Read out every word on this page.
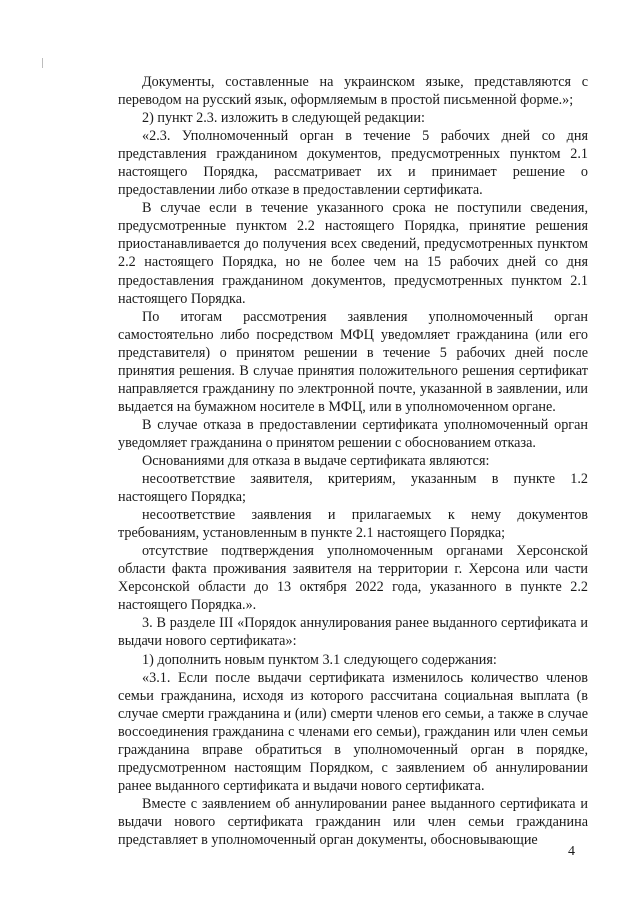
Документы, составленные на украинском языке, представляются с переводом на русский язык, оформляемым в простой письменной форме.»;

2) пункт 2.3. изложить в следующей редакции:

«2.3. Уполномоченный орган в течение 5 рабочих дней со дня представления гражданином документов, предусмотренных пунктом 2.1 настоящего Порядка, рассматривает их и принимает решение о предоставлении либо отказе в предоставлении сертификата.

В случае если в течение указанного срока не поступили сведения, предусмотренные пунктом 2.2 настоящего Порядка, принятие решения приостанавливается до получения всех сведений, предусмотренных пунктом 2.2 настоящего Порядка, но не более чем на 15 рабочих дней со дня предоставления гражданином документов, предусмотренных пунктом 2.1 настоящего Порядка.

По итогам рассмотрения заявления уполномоченный орган самостоятельно либо посредством МФЦ уведомляет гражданина (или его представителя) о принятом решении в течение 5 рабочих дней после принятия решения. В случае принятия положительного решения сертификат направляется гражданину по электронной почте, указанной в заявлении, или выдается на бумажном носителе в МФЦ, или в уполномоченном органе.

В случае отказа в предоставлении сертификата уполномоченный орган уведомляет гражданина о принятом решении с обоснованием отказа.

Основаниями для отказа в выдаче сертификата являются:

несоответствие заявителя, критериям, указанным в пункте 1.2 настоящего Порядка;

несоответствие заявления и прилагаемых к нему документов требованиям, установленным в пункте 2.1 настоящего Порядка;

отсутствие подтверждения уполномоченным органами Херсонской области факта проживания заявителя на территории г. Херсона или части Херсонской области до 13 октября 2022 года, указанного в пункте 2.2 настоящего Порядка.».

3. В разделе III «Порядок аннулирования ранее выданного сертификата и выдачи нового сертификата»:

1) дополнить новым пунктом 3.1 следующего содержания:

«3.1. Если после выдачи сертификата изменилось количество членов семьи гражданина, исходя из которого рассчитана социальная выплата (в случае смерти гражданина и (или) смерти членов его семьи, а также в случае воссоединения гражданина с членами его семьи), гражданин или член семьи гражданина вправе обратиться в уполномоченный орган в порядке, предусмотренном настоящим Порядком, с заявлением об аннулировании ранее выданного сертификата и выдачи нового сертификата.

Вместе с заявлением об аннулировании ранее выданного сертификата и выдачи нового сертификата гражданин или член семьи гражданина представляет в уполномоченный орган документы, обосновывающие

4
